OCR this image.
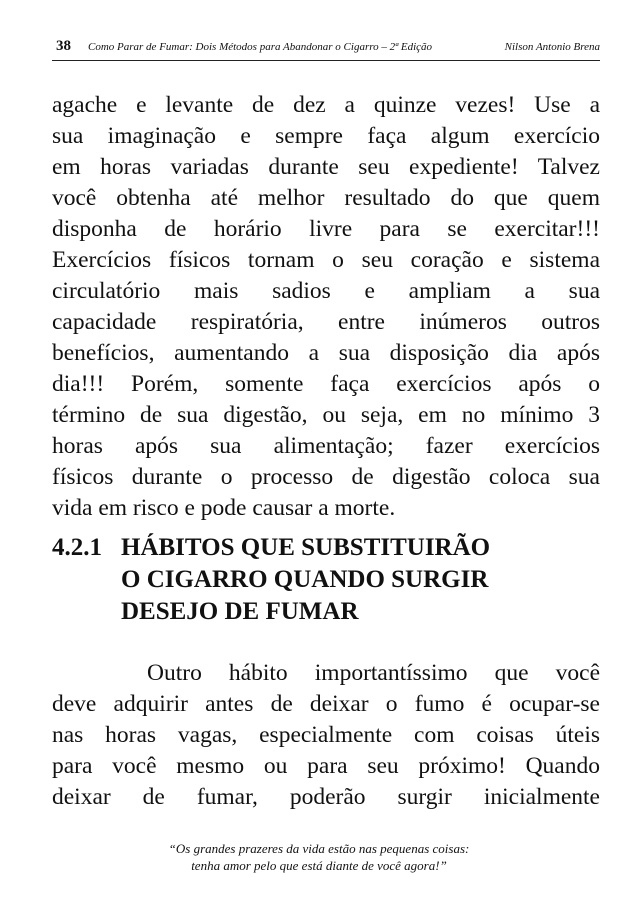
38 Como Parar de Fumar: Dois Métodos para Abandonar o Cigarro – 2ª Edição	Nilson Antonio Brena
agache e levante de dez a quinze vezes! Use a
sua imaginação e sempre faça algum exercício
em horas variadas durante seu expediente! Talvez
você obtenha até melhor resultado do que quem
disponha de horário livre para se exercitar!!!
Exercícios físicos tornam o seu coração e sistema
circulatório mais sadios e ampliam a sua
capacidade respiratória, entre inúmeros outros
benefícios, aumentando a sua disposição dia após
dia!!! Porém, somente faça exercícios após o
término de sua digestão, ou seja, em no mínimo 3
horas após sua alimentação; fazer exercícios
físicos durante o processo de digestão coloca sua
vida em risco e pode causar a morte.
4.2.1 HÁBITOS QUE SUBSTITUIRÃO
O CIGARRO QUANDO SURGIR
DESEJO DE FUMAR
Outro hábito importantíssimo que você
deve adquirir antes de deixar o fumo é ocupar-se
nas horas vagas, especialmente com coisas úteis
para você mesmo ou para seu próximo! Quando
deixar de fumar, poderão surgir inicialmente
“Os grandes prazeres da vida estão nas pequenas coisas:
tenha amor pelo que está diante de você agora!”
